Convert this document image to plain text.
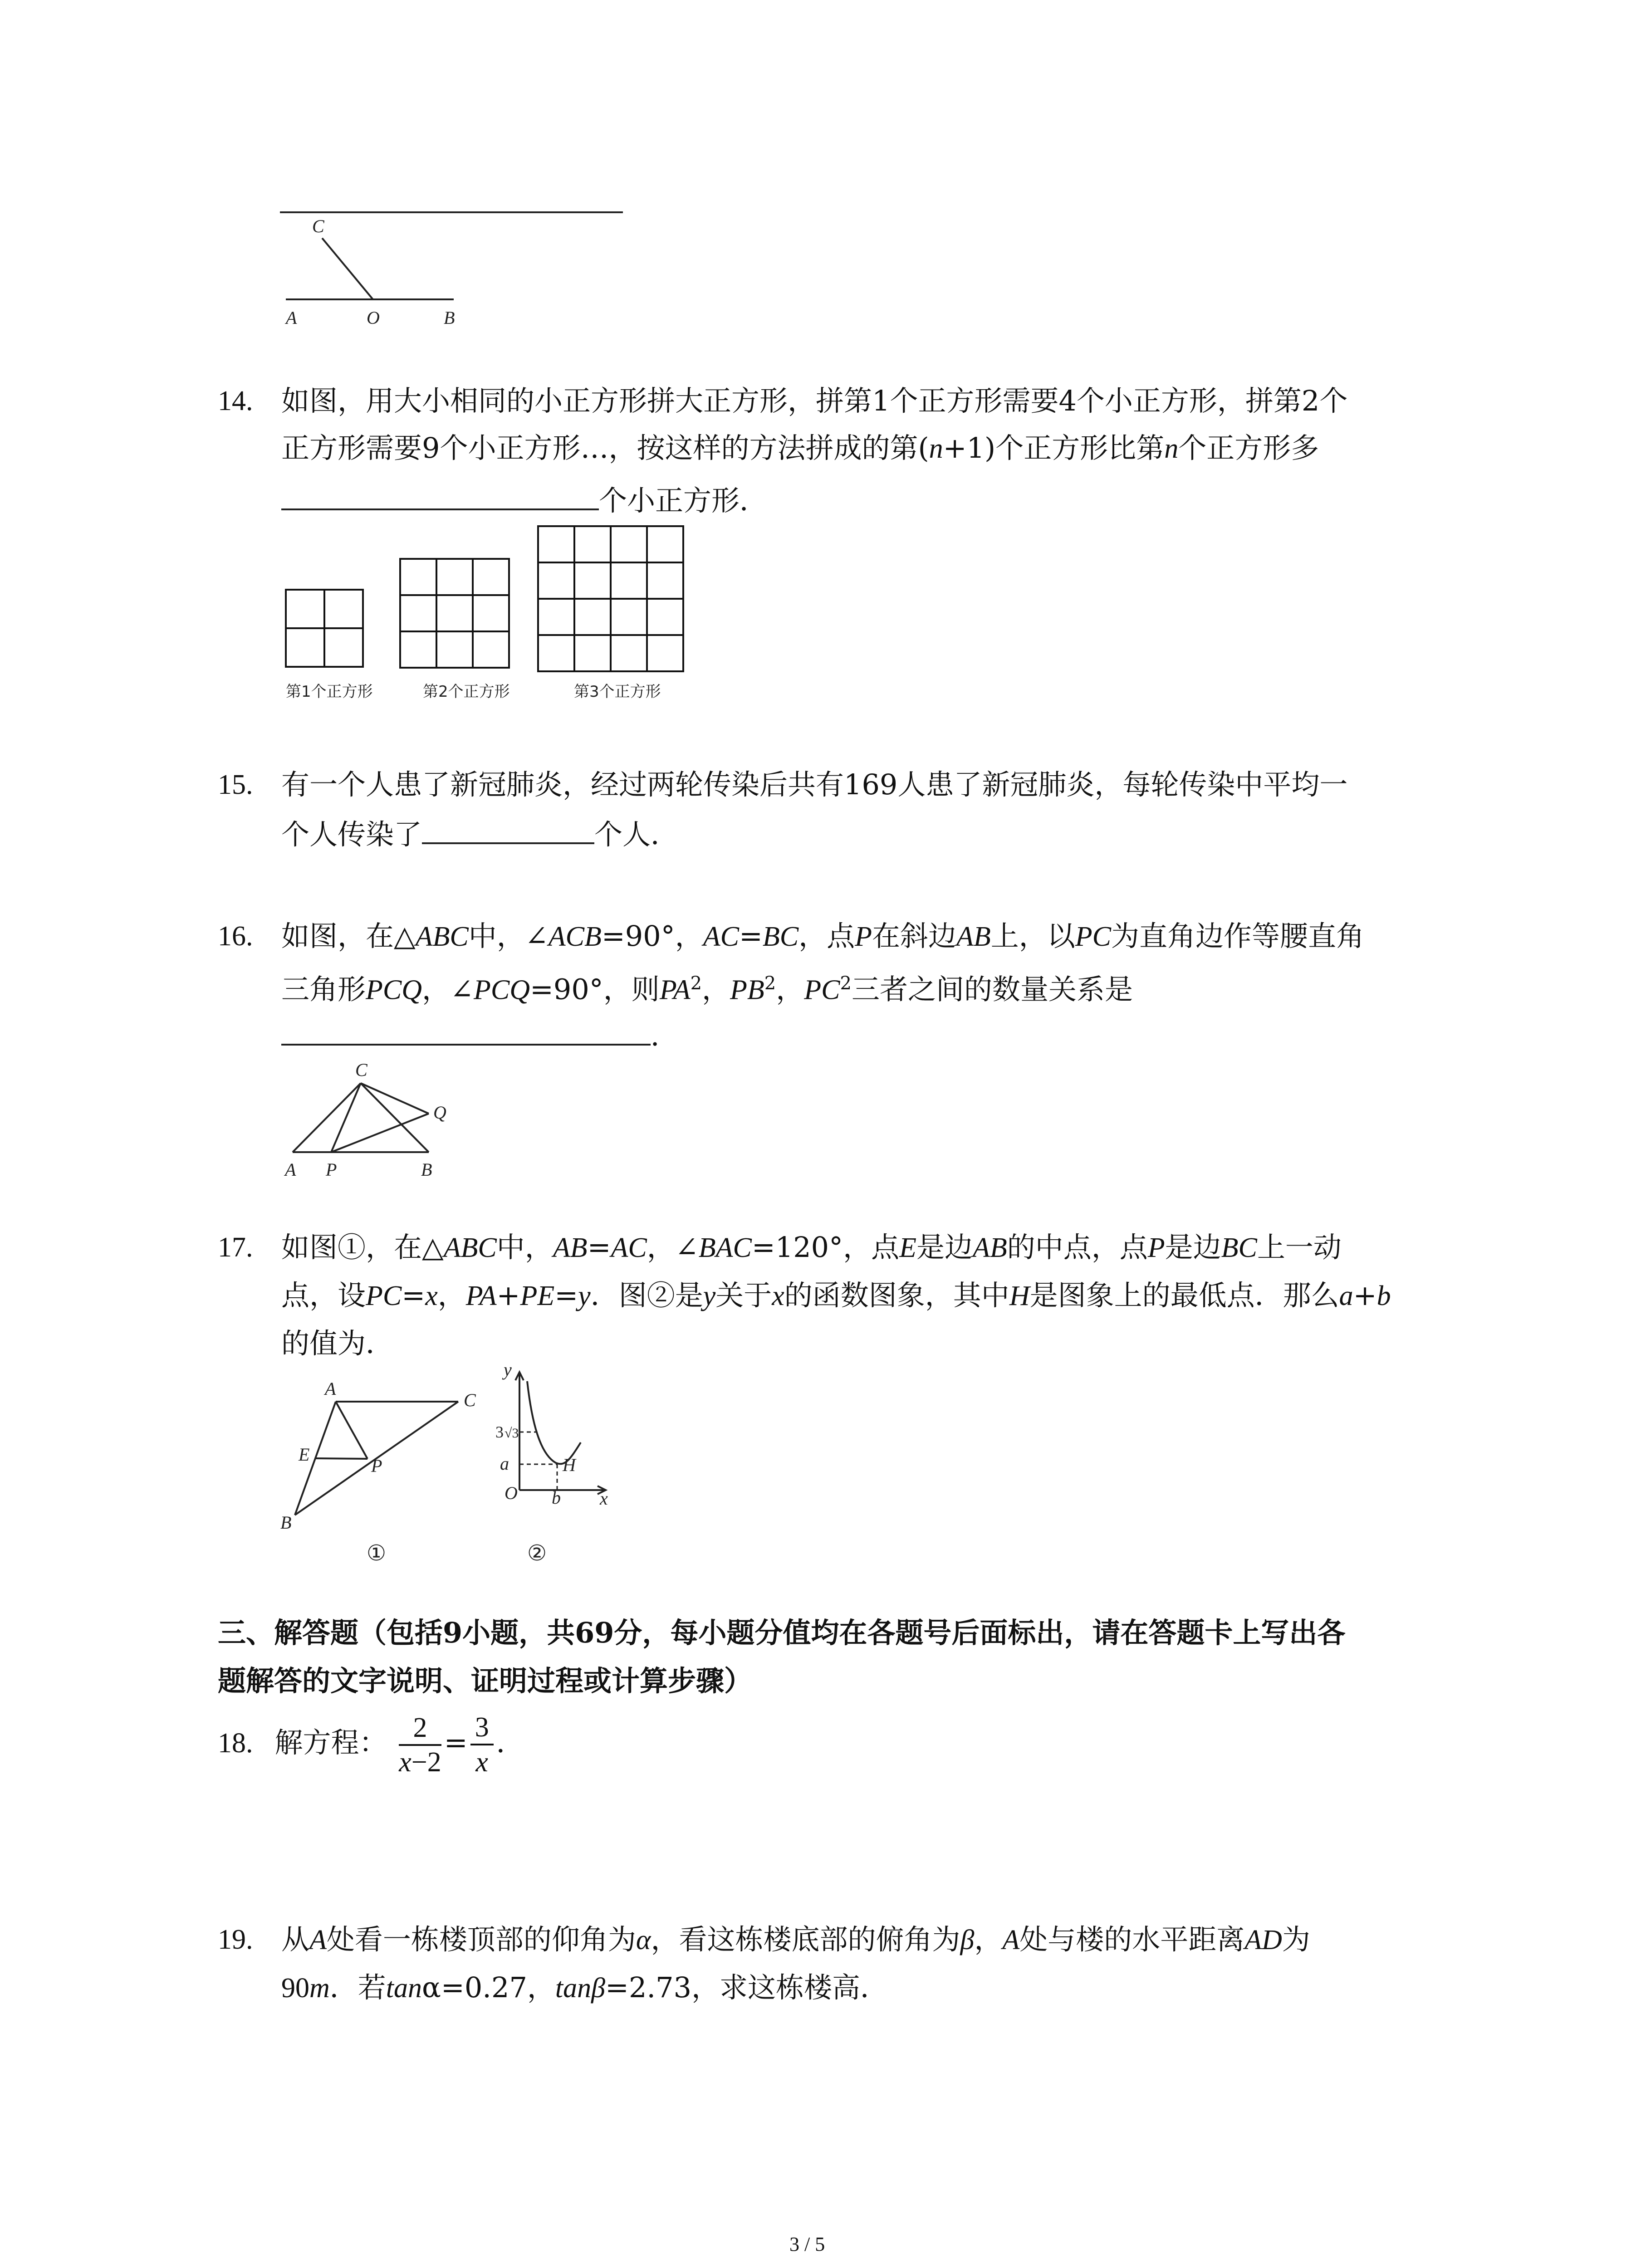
C
A	O	B
14. 如图，用大小相同的小正方形拼大正方形，拼第1个正方形需要4个小正方形，拼第2个
正方形需要9个小正方形…，按这样的方法拼成的第(n+1)个正方形比第n个正方形多
个小正方形．
第1个正方形	第2个正方形	第3个正方形
15. 有一个人患了新冠肺炎，经过两轮传染后共有169人患了新冠肺炎，每轮传染中平均一
个人传染了	个人．
16. 如图，在△ABC中，∠ACB=90°，AC=BC，点P在斜边AB上，以PC为直角边作等腰直角
三角形PCQ，∠PCQ=90°，则$PA^2$，$PB^2$，$PC^2$三者之间的数量关系是
．
C
Q
A P	B
17. 如图①，在△ABC中，AB=AC，∠BAC=120°，点E是边AB的中点，点P是边BC上一动
点，设PC=x，PA+PE=y．图②是y关于x的函数图象，其中H是图象上的最低点．那么a+b
的值为．
A
C
E
P
B
①
y
3 √3
a
O b
H
x
②
三、解答题（包括9小题，共69分，每小题分值均在各题号后面标出，请在答题卡上写出各
题解答的文字说明、证明过程或计算步骤）
18. 解方程： $\frac{2}{x-2} = \frac{3}{x}$ ．
19. 从A处看一栋楼顶部的仰角为α，看这栋楼底部的俯角为β，A处与楼的水平距离AD为
90m．若tanα=0.27，tanβ=2.73，求这栋楼高．
3 / 5
